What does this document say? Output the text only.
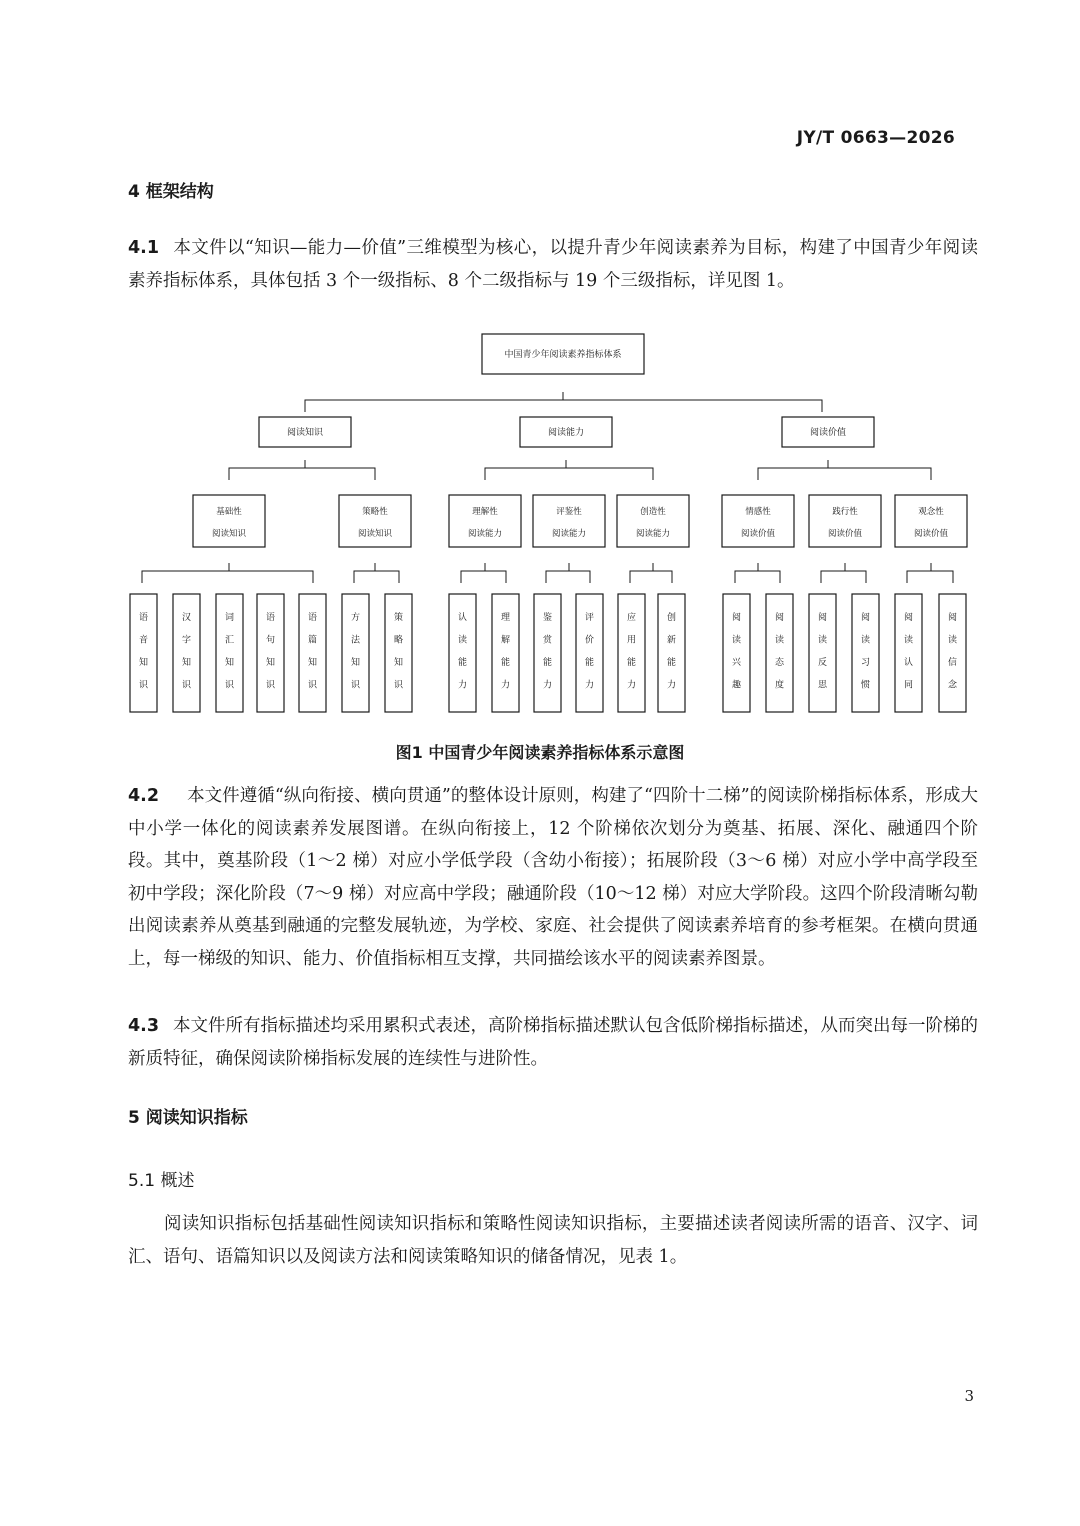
JY/T 0663—2026
4 框架结构
4.1 本文件以“知识—能力—价值”三维模型为核心，以提升青少年阅读素养为目标，构建了中国青少年阅读素养指标体系，具体包括 3 个一级指标、8 个二级指标与 19 个三级指标，详见图 1。
中国青少年阅读素养指标体系
阅读知识
基础性
阅读知识
语
音
知
识
汉
字
知
识
词
汇
知
识
语
句
知
识
语
篇
知
识
策略性
阅读知识
方
法
知
识
策
略
知
识
阅读能力
理解性
阅读能力
认
读
能
力
理
解
能
力
评鉴性
阅读能力
鉴
赏
能
力
评
价
能
力
创造性
阅读能力
应
用
能
力
创
新
能
力
阅读价值
情感性
阅读价值
阅
读
兴
趣
阅
读
态
度
践行性
阅读价值
阅
读
反
思
阅
读
习
惯
观念性
阅读价值
阅
读
认
同
阅
读
信
念
图1 中国青少年阅读素养指标体系示意图
4.2 本文件遵循“纵向衔接、横向贯通”的整体设计原则，构建了“四阶十二梯”的阅读阶梯指标体系，形成大中小学一体化的阅读素养发展图谱。在纵向衔接上，12 个阶梯依次划分为奠基、拓展、深化、融通四个阶段。其中，奠基阶段（1～2 梯）对应小学低学段（含幼小衔接）；拓展阶段（3～6 梯）对应小学中高学段至初中学段；深化阶段（7～9 梯）对应高中学段；融通阶段（10～12 梯）对应大学阶段。这四个阶段清晰勾勒出阅读素养从奠基到融通的完整发展轨迹，为学校、家庭、社会提供了阅读素养培育的参考框架。在横向贯通上，每一梯级的知识、能力、价值指标相互支撑，共同描绘该水平的阅读素养图景。
4.3 本文件所有指标描述均采用累积式表述，高阶梯指标描述默认包含低阶梯指标描述，从而突出每一阶梯的新质特征，确保阅读阶梯指标发展的连续性与进阶性。
5 阅读知识指标
5.1 概述
阅读知识指标包括基础性阅读知识指标和策略性阅读知识指标，主要描述读者阅读所需的语音、汉字、词汇、语句、语篇知识以及阅读方法和阅读策略知识的储备情况，见表 1。
3
